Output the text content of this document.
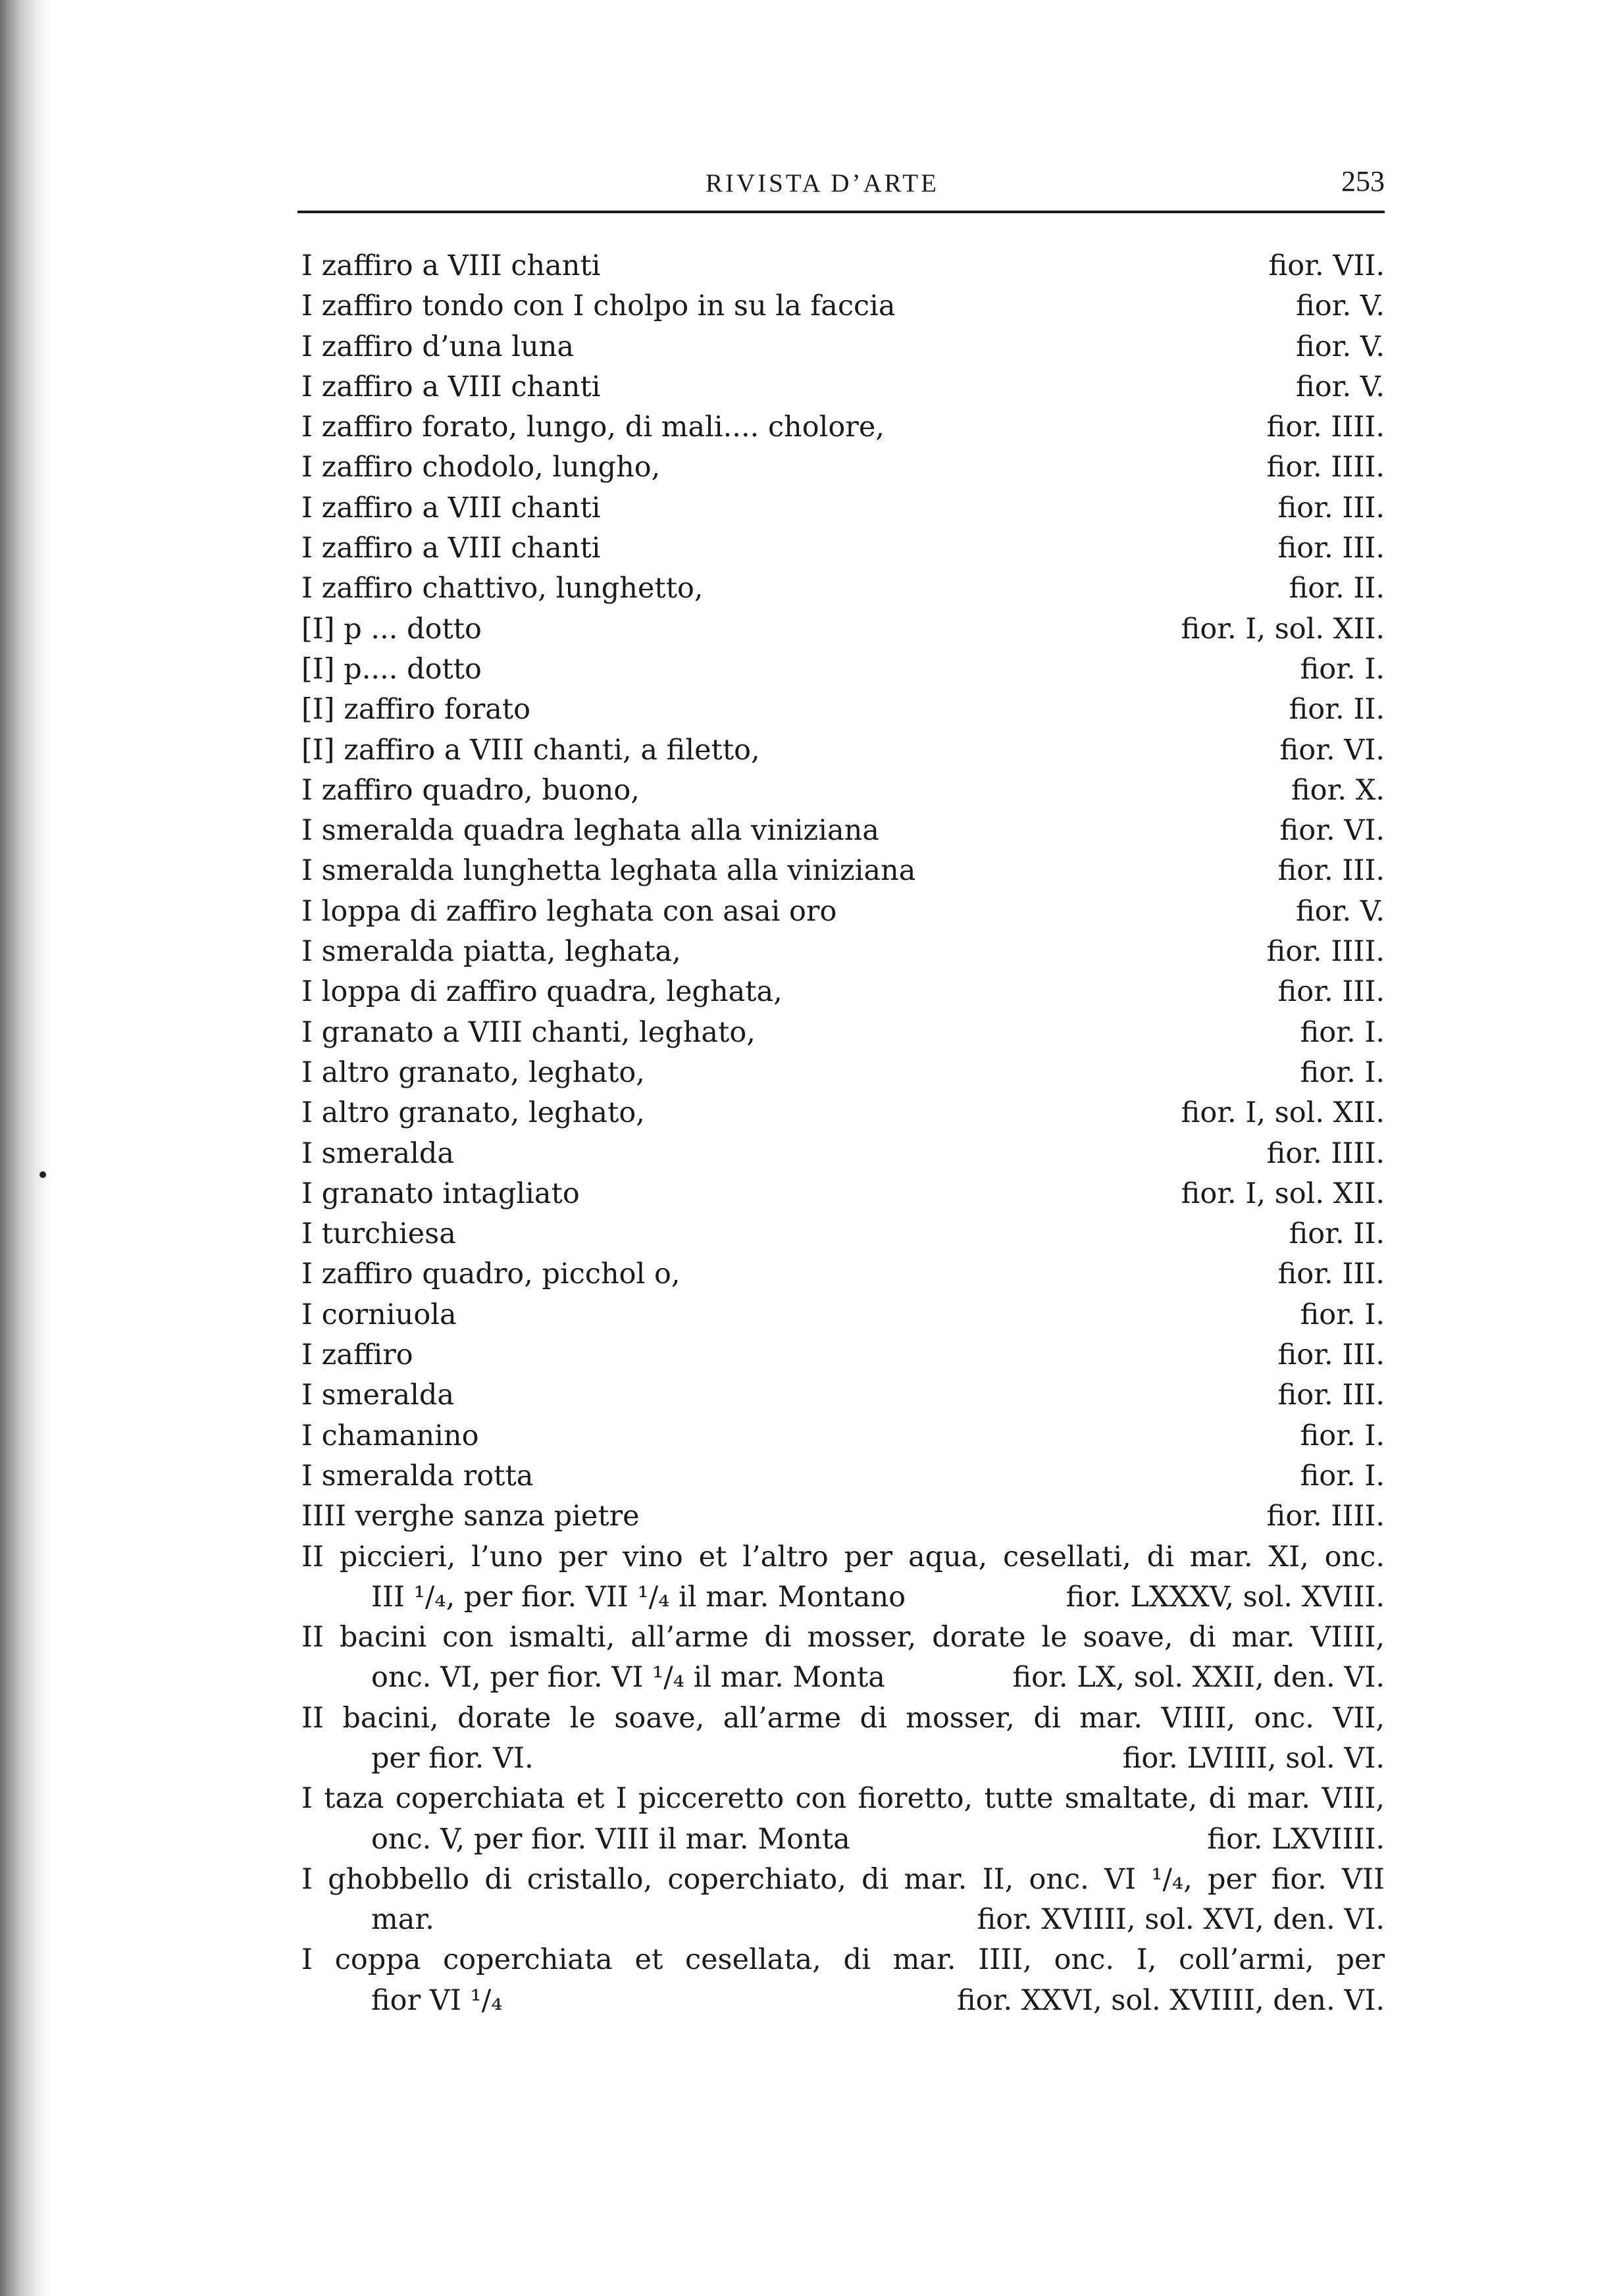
RIVISTA D’ARTE	253
I zaffiro a VIII chanti	fior. VII.
I zaffiro tondo con I cholpo in su la faccia	fior. V.
I zaffiro d’una luna	fior. V.
I zaffiro a VIII chanti	fior. V.
I zaffiro forato, lungo, di mali.... cholore,	fior. IIII.
I zaffiro chodolo, lungho,	fior. IIII.
I zaffiro a VIII chanti	fior. III.
I zaffiro a VIII chanti	fior. III.
I zaffiro chattivo, lunghetto,	fior. II.
[I] p ... dotto	fior. I, sol. XII.
[I] p.... dotto	fior. I.
[I] zaffiro forato	fior. II.
[I] zaffiro a VIII chanti, a filetto,	fior. VI.
I zaffiro quadro, buono,	fior. X.
I smeralda quadra leghata alla viniziana	fior. VI.
I smeralda lunghetta leghata alla viniziana	fior. III.
I loppa di zaffiro leghata con asai oro	fior. V.
I smeralda piatta, leghata,	fior. IIII.
I loppa di zaffiro quadra, leghata,	fior. III.
I granato a VIII chanti, leghato,	fior. I.
I altro granato, leghato,	fior. I.
I altro granato, leghato,	fior. I, sol. XII.
I smeralda	fior. IIII.
I granato intagliato	fior. I, sol. XII.
I turchiesa	fior. II.
I zaffiro quadro, picchol o,	fior. III.
I corniuola	fior. I.
I zaffiro	fior. III.
I smeralda	fior. III.
I chamanino	fior. I.
I smeralda rotta	fior. I.
IIII verghe sanza pietre	fior. IIII.
II piccieri, l’uno per vino et l’altro per aqua, cesellati, di mar. XI, onc.
III ¹/₄, per fior. VII ¹/₄ il mar. Montano	fior. LXXXV, sol. XVIII.
II bacini con ismalti, all’arme di mosser, dorate le soave, di mar. VIIII,
onc. VI, per fior. VI ¹/₄ il mar. Monta	fior. LX, sol. XXII, den. VI.
II bacini, dorate le soave, all’arme di mosser, di mar. VIIII, onc. VII,
per fior. VI.	fior. LVIIII, sol. VI.
I taza coperchiata et I picceretto con fioretto, tutte smaltate, di mar. VIII,
onc. V, per fior. VIII il mar. Monta	fior. LXVIIII.
I ghobbello di cristallo, coperchiato, di mar. II, onc. VI ¹/₄, per fior. VII
mar.	fior. XVIIII, sol. XVI, den. VI.
I coppa coperchiata et cesellata, di mar. IIII, onc. I, coll’armi, per
fior VI ¹/₄	fior. XXVI, sol. XVIIII, den. VI.
